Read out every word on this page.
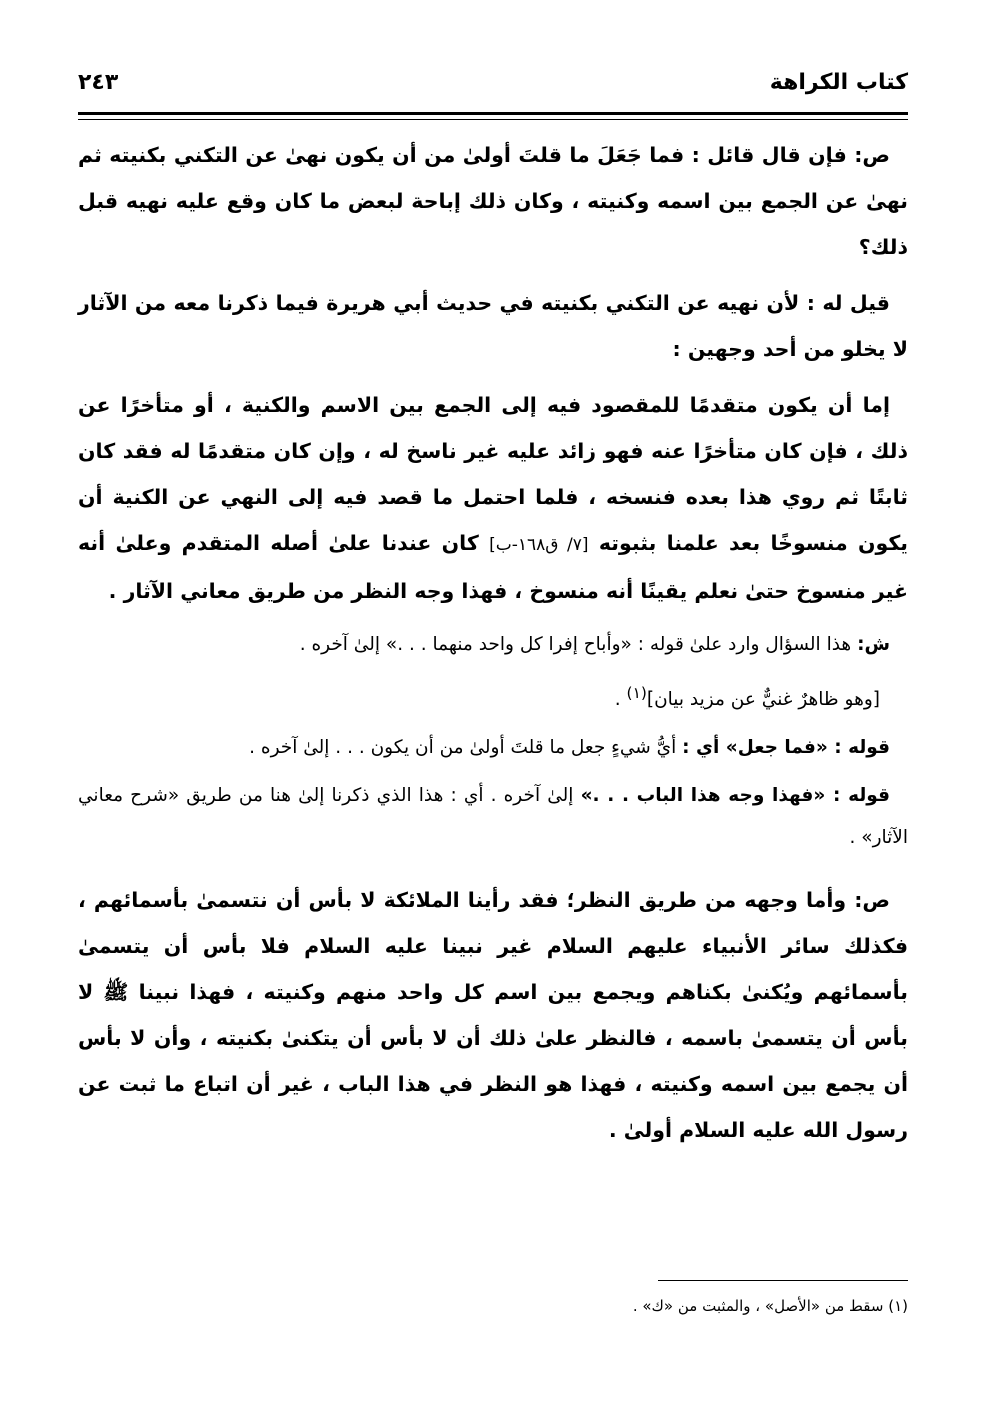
كتاب الكراهة
٢٤٣

ص: فإن قال قائل : فما جَعَلَ ما قلتَ أولىٰ من أن يكون نهىٰ عن التكني بكنيته ثم نهىٰ عن الجمع بين اسمه وكنيته ، وكان ذلك إباحة لبعض ما كان وقع عليه نهيه قبل ذلك؟

قيل له : لأن نهيه عن التكني بكنيته في حديث أبي هريرة فيما ذكرنا معه من الآثار لا يخلو من أحد وجهين :

إما أن يكون متقدمًا للمقصود فيه إلى الجمع بين الاسم والكنية ، أو متأخرًا عن ذلك ، فإن كان متأخرًا عنه فهو زائد عليه غير ناسخ له ، وإن كان متقدمًا له فقد كان ثابتًا ثم روي هذا بعده فنسخه ، فلما احتمل ما قصد فيه إلى النهي عن الكنية أن يكون منسوخًا بعد علمنا بثبوته [٧/ ق١٦٨-ب] كان عندنا علىٰ أصله المتقدم وعلىٰ أنه غير منسوخ حتىٰ نعلم يقينًا أنه منسوخ ، فهذا وجه النظر من طريق معاني الآثار .

ش: هذا السؤال وارد علىٰ قوله : «وأباح إفرا كل واحد منهما . . .» إلىٰ آخره .

[وهو ظاهرٌ غنيٌّ عن مزيد بيان]$^{(١)}$ .

قوله : «فما جعل» أي : أيُّ شيءٍ جعل ما قلتَ أولىٰ من أن يكون . . . إلىٰ آخره .

قوله : «فهذا وجه هذا الباب . . .» إلىٰ آخره . أي : هذا الذي ذكرنا إلىٰ هنا من طريق «شرح معاني الآثار» .

ص: وأما وجهه من طريق النظر؛ فقد رأينا الملائكة لا بأس أن نتسمىٰ بأسمائهم ، فكذلك سائر الأنبياء عليهم السلام غير نبينا عليه السلام فلا بأس أن يتسمىٰ بأسمائهم ويُكنىٰ بكناهم ويجمع بين اسم كل واحد منهم وكنيته ، فهذا نبينا ﷺ لا بأس أن يتسمىٰ باسمه ، فالنظر علىٰ ذلك أن لا بأس أن يتكنىٰ بكنيته ، وأن لا بأس أن يجمع بين اسمه وكنيته ، فهذا هو النظر في هذا الباب ، غير أن اتباع ما ثبت عن رسول الله عليه السلام أولىٰ .

(١) سقط من «الأصل» ، والمثبت من «ك» .
